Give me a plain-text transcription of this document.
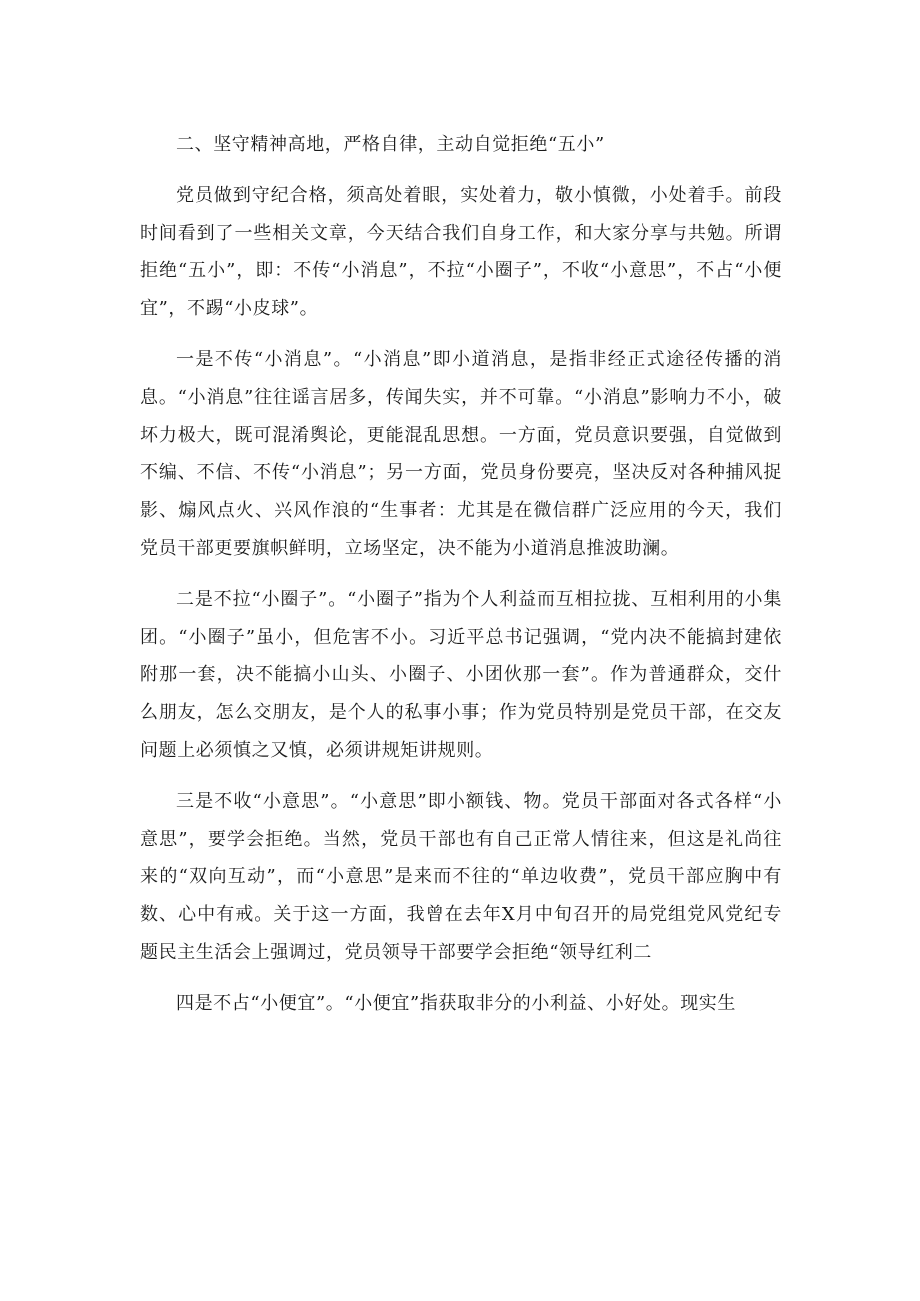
二、坚守精神高地，严格自律，主动自觉拒绝“五小”

党员做到守纪合格，须高处着眼，实处着力，敬小慎微，小处着手。前段时间看到了一些相关文章，今天结合我们自身工作，和大家分享与共勉。所谓拒绝“五小”，即：不传“小消息”，不拉“小圈子”，不收“小意思”，不占“小便宜”，不踢“小皮球”。

一是不传“小消息”。“小消息”即小道消息，是指非经正式途径传播的消息。“小消息”往往谣言居多，传闻失实，并不可靠。“小消息”影响力不小，破坏力极大，既可混淆舆论，更能混乱思想。一方面，党员意识要强，自觉做到不编、不信、不传“小消息”；另一方面，党员身份要亮，坚决反对各种捕风捉影、煽风点火、兴风作浪的“生事者：尤其是在微信群广泛应用的今天，我们党员干部更要旗帜鲜明，立场坚定，决不能为小道消息推波助澜。

二是不拉“小圈子”。“小圈子”指为个人利益而互相拉拢、互相利用的小集团。“小圈子”虽小，但危害不小。习近平总书记强调，“党内决不能搞封建依附那一套，决不能搞小山头、小圈子、小团伙那一套”。作为普通群众，交什么朋友，怎么交朋友，是个人的私事小事；作为党员特别是党员干部，在交友问题上必须慎之又慎，必须讲规矩讲规则。

三是不收“小意思”。“小意思”即小额钱、物。党员干部面对各式各样“小意思”，要学会拒绝。当然，党员干部也有自己正常人情往来，但这是礼尚往来的“双向互动”，而“小意思”是来而不往的“单边收费”，党员干部应胸中有数、心中有戒。关于这一方面，我曾在去年X月中旬召开的局党组党风党纪专题民主生活会上强调过，党员领导干部要学会拒绝“领导红利二

四是不占“小便宜”。“小便宜”指获取非分的小利益、小好处。现实生
